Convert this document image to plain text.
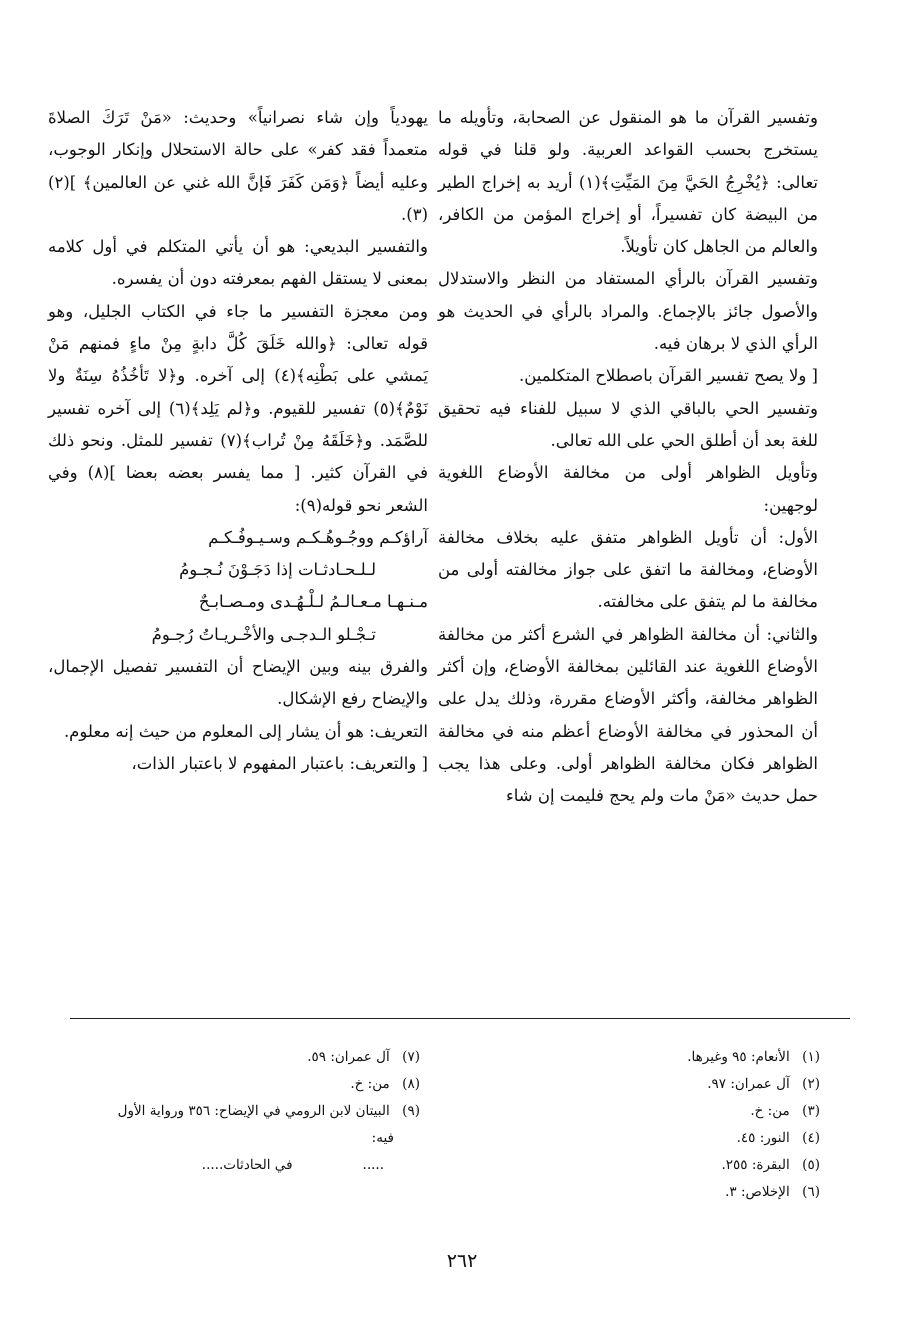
وتفسير القرآن ما هو المنقول عن الصحابة، وتأويله ما يستخرج بحسب القواعد العربية. ولو قلنا في قوله تعالى: ﴿يُخْرِجُ الحَيَّ مِنَ المَيِّتِ﴾(١) أريد به إخراج الطير من البيضة كان تفسيراً، أو إخراج المؤمن من الكافر، والعالم من الجاهل كان تأويلاً.

وتفسير القرآن بالرأي المستفاد من النظر والاستدلال والأصول جائز بالإجماع. والمراد بالرأي في الحديث هو الرأي الذي لا برهان فيه.

[ ولا يصح تفسير القرآن باصطلاح المتكلمين.

وتفسير الحي بالباقي الذي لا سبيل للفناء فيه تحقيق للغة بعد أن أطلق الحي على الله تعالى.

وتأويل الظواهر أولى من مخالفة الأوضاع اللغوية لوجهين:

الأول: أن تأويل الظواهر متفق عليه بخلاف مخالفة الأوضاع، ومخالفة ما اتفق على جواز مخالفته أولى من مخالفة ما لم يتفق على مخالفته.

والثاني: أن مخالفة الظواهر في الشرع أكثر من مخالفة الأوضاع اللغوية عند القائلين بمخالفة الأوضاع، وإن أكثر الظواهر مخالفة، وأكثر الأوضاع مقررة، وذلك يدل على أن المحذور في مخالفة الأوضاع أعظم منه في مخالفة الظواهر فكان مخالفة الظواهر أولى. وعلى هذا يجب حمل حديث «مَنْ مات ولم يحج فليمت إن شاء

يهودياً وإن شاء نصرانياً» وحديث: «مَنْ تَرَكَ الصلاةَ متعمداً فقد كفر» على حالة الاستحلال وإنكار الوجوب، وعليه أيضاً ﴿وَمَن كَفَرَ فَإنَّ الله غني عن العالمين﴾ ](٢) (٣).

والتفسير البديعي: هو أن يأتي المتكلم في أول كلامه بمعنى لا يستقل الفهم بمعرفته دون أن يفسره.

ومن معجزة التفسير ما جاء في الكتاب الجليل، وهو قوله تعالى: ﴿والله خَلَقَ كُلَّ دابةٍ مِنْ ماءٍ فمنهم مَنْ يَمشي على بَطْنِه﴾(٤) إلى آخره. و﴿لا تَأخُذُهُ سِنَةٌ ولا نَوْمٌ﴾(٥) تفسير للقيوم. و﴿لم يَلِد﴾(٦) إلى آخره تفسير للصَّمَد. و﴿خَلَقَهُ مِنْ تُراب﴾(٧) تفسير للمثل. ونحو ذلك في القرآن كثير. [ مما يفسر بعضه بعضا ](٨) وفي الشعر نحو قوله(٩):

آراؤكـم ووجُـوهُـكـم وسـيـوفُـكـم
لـلـحـادثـات إذا دَجَـوْنَ نُـجـومُ
مـنـهـا مـعـالـمُ لـلْـهُـدى ومـصـابـحٌ
تـجْـلو الـدجـى والأخْـريـاتُ رُجـومُ

والفرق بينه وبين الإيضاح أن التفسير تفصيل الإجمال، والإيضاح رفع الإشكال.

التعريف: هو أن يشار إلى المعلوم من حيث إنه معلوم.

[ والتعريف: باعتبار المفهوم لا باعتبار الذات،

(١) الأنعام: ٩٥ وغيرها.
(٢) آل عمران: ٩٧.
(٣) من: خ.
(٤) النور: ٤٥.
(٥) البقرة: ٢٥٥.
(٦) الإخلاص: ٣.
(٧) آل عمران: ٥٩.
(٨) من: خ.
(٩) البيتان لابن الرومي في الإيضاح: ٣٥٦ ورواية الأول
فيه:
.....في الحادثات.....
٢٦٢
